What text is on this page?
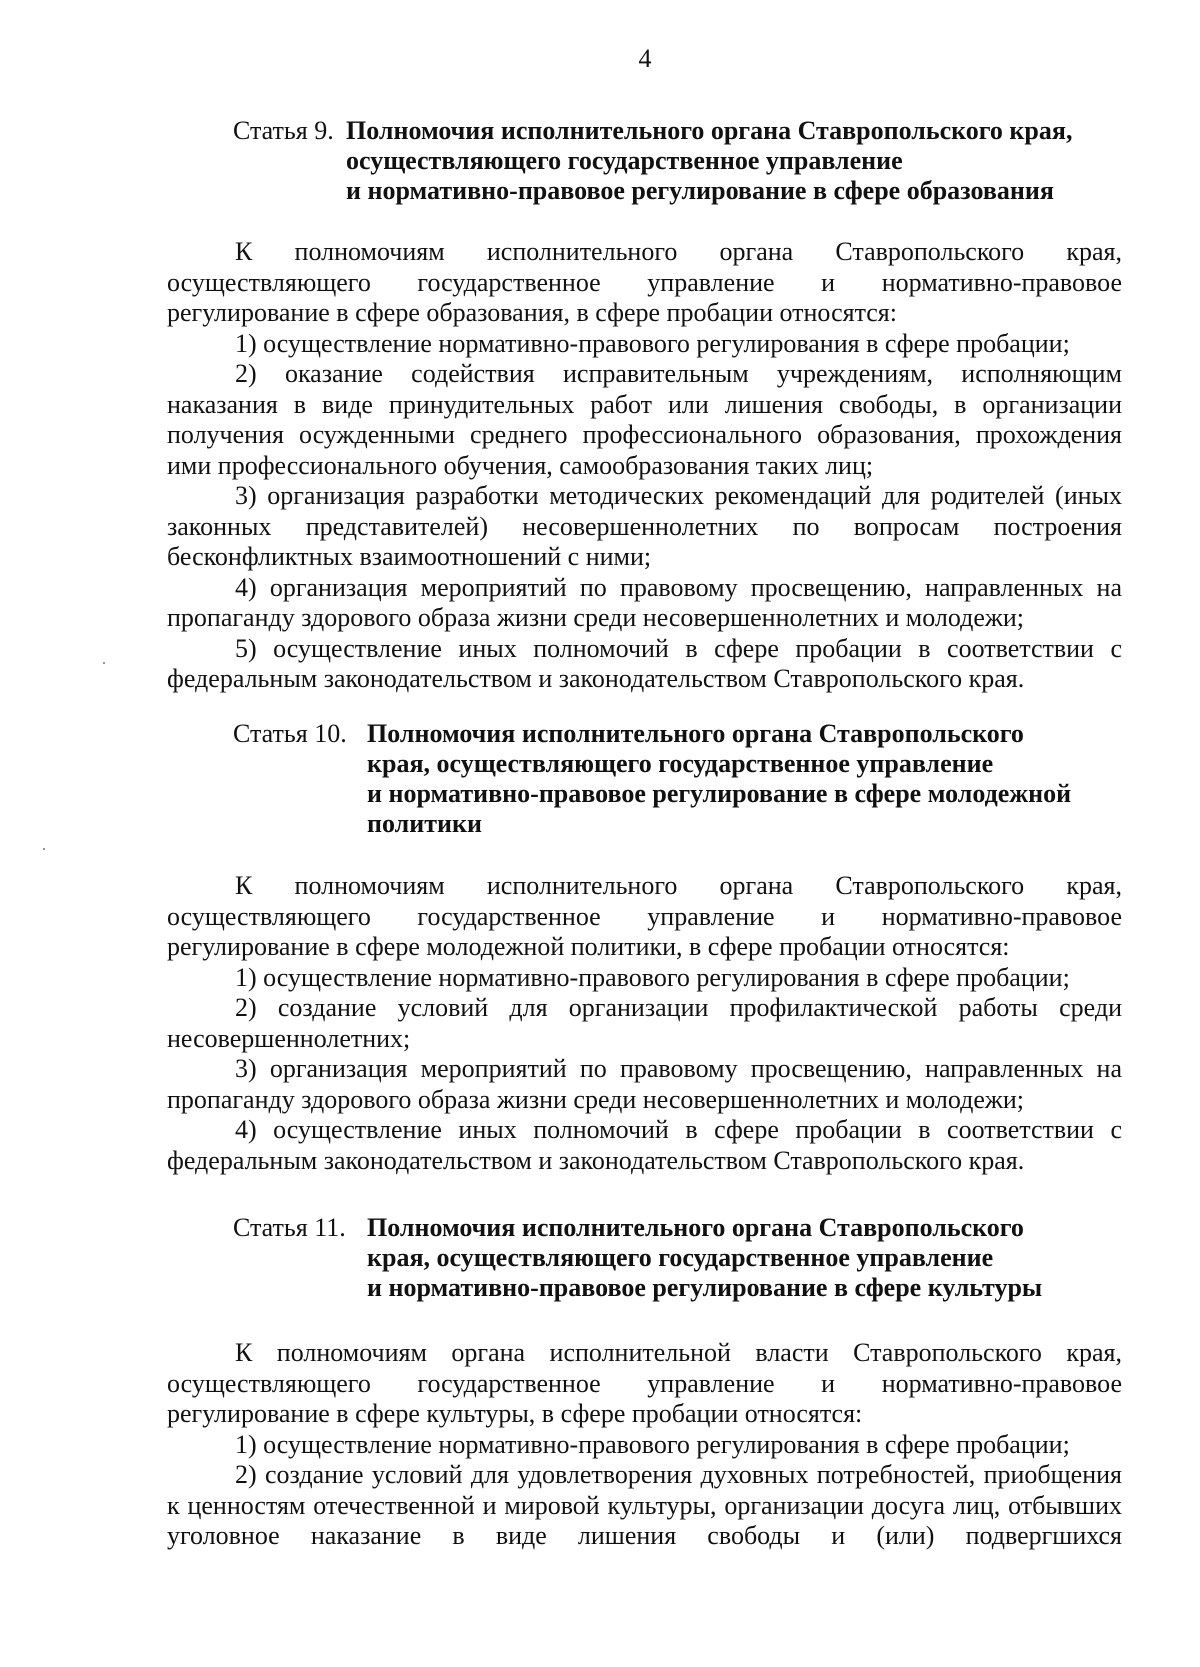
4
Статья 9. Полномочия исполнительного органа Ставропольского края,
осуществляющего государственное управление
и нормативно-правовое регулирование в сфере образования

К полномочиям исполнительного органа Ставропольского края, осуществляющего государственное управление и нормативно-правовое регулирование в сфере образования, в сфере пробации относятся:

1) осуществление нормативно-правового регулирования в сфере пробации;

2) оказание содействия исправительным учреждениям, исполняющим наказания в виде принудительных работ или лишения свободы, в организации получения осужденными среднего профессионального образования, прохождения ими профессионального обучения, самообразования таких лиц;

3) организация разработки методических рекомендаций для родителей (иных законных представителей) несовершеннолетних по вопросам построения бесконфликтных взаимоотношений с ними;

4) организация мероприятий по правовому просвещению, направленных на пропаганду здорового образа жизни среди несовершеннолетних и молодежи;

5) осуществление иных полномочий в сфере пробации в соответствии с федеральным законодательством и законодательством Ставропольского края.

Статья 10. Полномочия исполнительного органа Ставропольского
края, осуществляющего государственное управление
и нормативно-правовое регулирование в сфере молодежной
политики

К полномочиям исполнительного органа Ставропольского края, осуществляющего государственное управление и нормативно-правовое регулирование в сфере молодежной политики, в сфере пробации относятся:

1) осуществление нормативно-правового регулирования в сфере пробации;

2) создание условий для организации профилактической работы среди несовершеннолетних;

3) организация мероприятий по правовому просвещению, направленных на пропаганду здорового образа жизни среди несовершеннолетних и молодежи;

4) осуществление иных полномочий в сфере пробации в соответствии с федеральным законодательством и законодательством Ставропольского края.

Статья 11. Полномочия исполнительного органа Ставропольского
края, осуществляющего государственное управление
и нормативно-правовое регулирование в сфере культуры

К полномочиям органа исполнительной власти Ставропольского края, осуществляющего государственное управление и нормативно-правовое регулирование в сфере культуры, в сфере пробации относятся:

1) осуществление нормативно-правового регулирования в сфере пробации;

2) создание условий для удовлетворения духовных потребностей, приобщения к ценностям отечественной и мировой культуры, организации досуга лиц, отбывших уголовное наказание в виде лишения свободы и (или) подвергшихся
